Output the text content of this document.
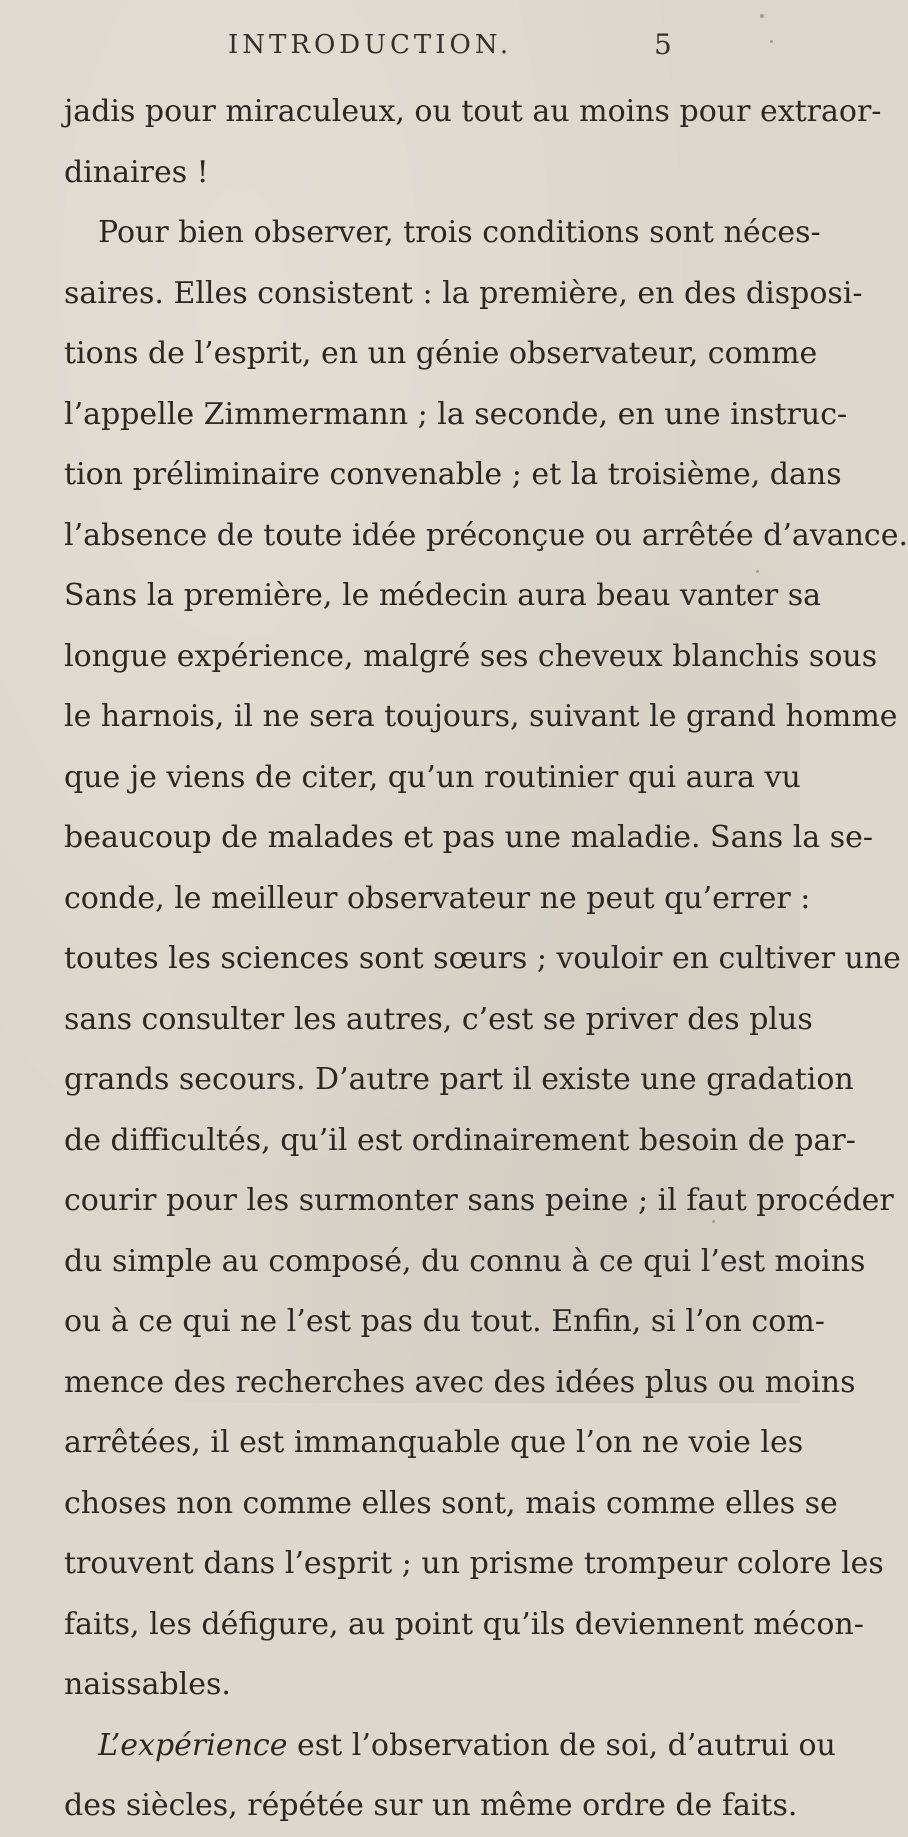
INTRODUCTION.	5
jadis pour miraculeux, ou tout au moins pour extraor-
dinaires !
Pour bien observer, trois conditions sont néces-
saires. Elles consistent : la première, en des disposi-
tions de l’esprit, en un génie observateur, comme
l’appelle Zimmermann ; la seconde, en une instruc-
tion préliminaire convenable ; et la troisième, dans
l’absence de toute idée préconçue ou arrêtée d’avance.
Sans la première, le médecin aura beau vanter sa
longue expérience, malgré ses cheveux blanchis sous
le harnois, il ne sera toujours, suivant le grand homme
que je viens de citer, qu’un routinier qui aura vu
beaucoup de malades et pas une maladie. Sans la se-
conde, le meilleur observateur ne peut qu’errer :
toutes les sciences sont sœurs ; vouloir en cultiver une
sans consulter les autres, c’est se priver des plus
grands secours. D’autre part il existe une gradation
de difficultés, qu’il est ordinairement besoin de par-
courir pour les surmonter sans peine ; il faut procéder
du simple au composé, du connu à ce qui l’est moins
ou à ce qui ne l’est pas du tout. Enfin, si l’on com-
mence des recherches avec des idées plus ou moins
arrêtées, il est immanquable que l’on ne voie les
choses non comme elles sont, mais comme elles se
trouvent dans l’esprit ; un prisme trompeur colore les
faits, les défigure, au point qu’ils deviennent mécon-
naissables.
L’expérience est l’observation de soi, d’autrui ou
des siècles, répétée sur un même ordre de faits.
